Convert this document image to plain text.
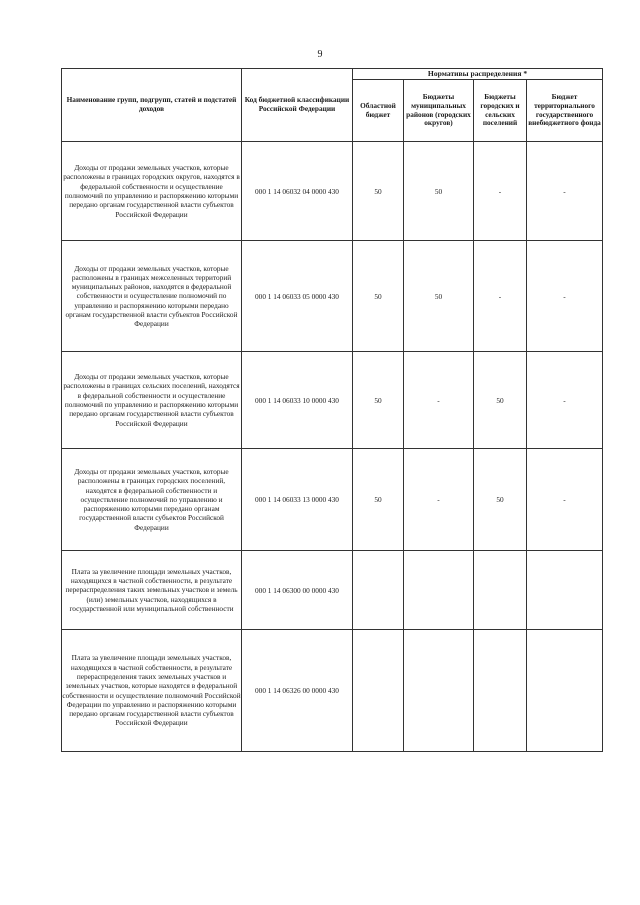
9
Наименование групп, подгрупп, статей и подстатей доходов	Код бюджетной классификации Российской Федерации	Нормативы распределения *			
		Областной бюджет	Бюджеты муниципальных районов (городских округов)	Бюджеты городских и сельских поселений	Бюджет территориального государственного внебюджетного фонда
Доходы от продажи земельных участков, которые расположены в границах городских округов, находятся в федеральной собственности и осуществление полномочий по управлению и распоряжению которыми передано органам государственной власти субъектов Российской Федерации	000 1 14 06032 04 0000 430	50	50	-	-
Доходы от продажи земельных участков, которые расположены в границах межселенных территорий муниципальных районов, находятся в федеральной собственности и осуществление полномочий по управлению и распоряжению которыми передано органам государственной власти субъектов Российской Федерации	000 1 14 06033 05 0000 430	50	50	-	-
Доходы от продажи земельных участков, которые расположены в границах сельских поселений, находятся в федеральной собственности и осуществление полномочий по управлению и распоряжению которыми передано органам государственной власти субъектов Российской Федерации	000 1 14 06033 10 0000 430	50	-	50	-
Доходы от продажи земельных участков, которые расположены в границах городских поселений, находятся в федеральной собственности и осуществление полномочий по управлению и распоряжению которыми передано органам государственной власти субъектов Российской Федерации	000 1 14 06033 13 0000 430	50	-	50	-
Плата за увеличение площади земельных участков, находящихся в частной собственности, в результате перераспределения таких земельных участков и земель (или) земельных участков, находящихся в государственной или муниципальной собственности	000 1 14 06300 00 0000 430				
Плата за увеличение площади земельных участков, находящихся в частной собственности, в результате перераспределения таких земельных участков и земельных участков, которые находятся в федеральной собственности и осуществление полномочий Российской Федерации по управлению и распоряжению которыми передано органам государственной власти субъектов Российской Федерации	000 1 14 06326 00 0000 430				
